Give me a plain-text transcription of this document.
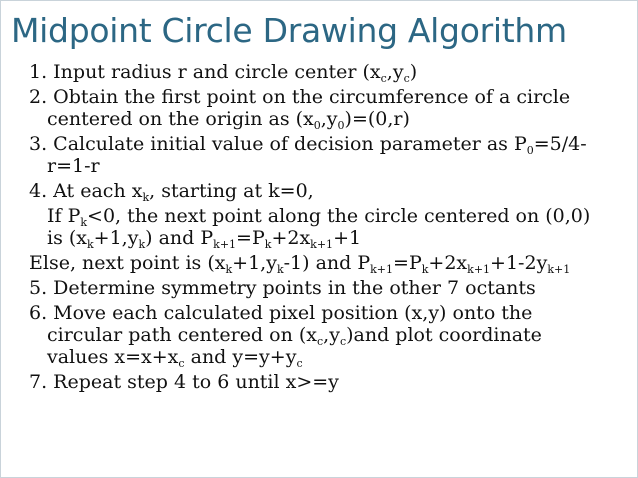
Midpoint Circle Drawing Algorithm
1. Input radius r and circle center $(x_c,y_c)$
2. Obtain the first point on the circumference of a circle
centered on the origin as $(x_0,y_0)=(0,r)$
3. Calculate initial value of decision parameter as $P_0=5/4-$
r=1-r
4. At each $x_k$, starting at k=0,
If $P_k<0$, the next point along the circle centered on (0,0)
is $(x_k+1,y_k)$ and $P_{k+1}=P_k+2x_{k+1}+1$
Else, next point is $(x_k+1,y_k-1)$ and $P_{k+1}=P_k+2x_{k+1}+1-2y_{k+1}$
5. Determine symmetry points in the other 7 octants
6. Move each calculated pixel position (x,y) onto the
circular path centered on $(x_c,y_c)and$ plot coordinate
values $x=x+x_c$ and $y=y+y_c$
7. Repeat step 4 to 6 until x>=y
